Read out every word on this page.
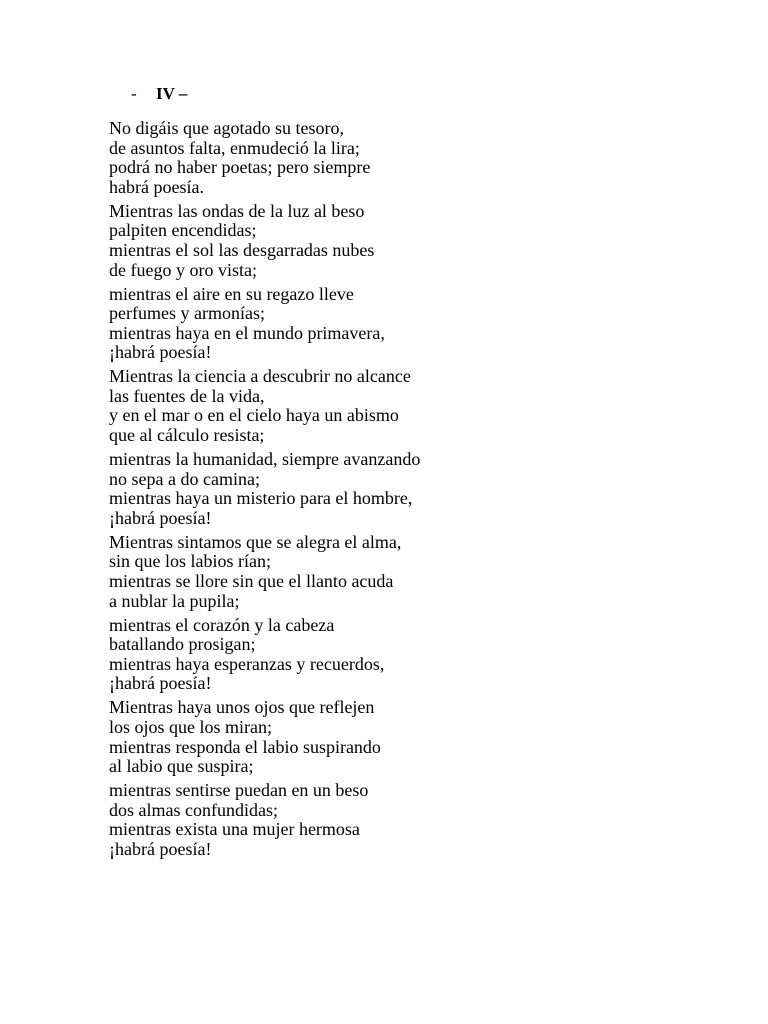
- IV –
No digáis que agotado su tesoro,
de asuntos falta, enmudeció la lira;
podrá no haber poetas; pero siempre
habrá poesía.
Mientras las ondas de la luz al beso
palpiten encendidas;
mientras el sol las desgarradas nubes
de fuego y oro vista;
mientras el aire en su regazo lleve
perfumes y armonías;
mientras haya en el mundo primavera,
¡habrá poesía!
Mientras la ciencia a descubrir no alcance
las fuentes de la vida,
y en el mar o en el cielo haya un abismo
que al cálculo resista;
mientras la humanidad, siempre avanzando
no sepa a do camina;
mientras haya un misterio para el hombre,
¡habrá poesía!
Mientras sintamos que se alegra el alma,
sin que los labios rían;
mientras se llore sin que el llanto acuda
a nublar la pupila;
mientras el corazón y la cabeza
batallando prosigan;
mientras haya esperanzas y recuerdos,
¡habrá poesía!
Mientras haya unos ojos que reflejen
los ojos que los miran;
mientras responda el labio suspirando
al labio que suspira;
mientras sentirse puedan en un beso
dos almas confundidas;
mientras exista una mujer hermosa
¡habrá poesía!
